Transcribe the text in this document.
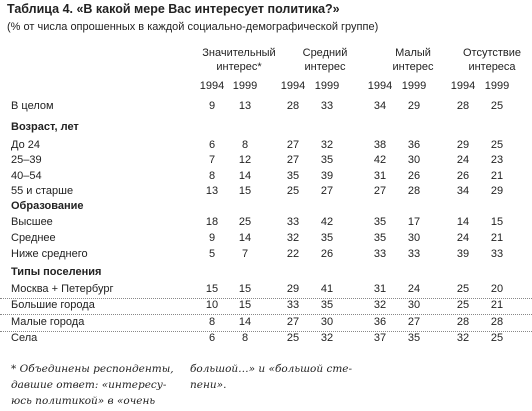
Таблица 4. «В какой мере Вас интересует политика?»
(% от числа опрошенных в каждой социально-демографической группе)
Значительный
интерес*
Средний
интерес
Малый
интерес
Отсутствие
интереса
1994 1999 1994 1999	1994 1999 1994 1999
В целом	9	13	28	33	34	29	28	25
Возраст, лет
До 24	6	8	27	32	38	36	29	25
25–39	7	12	27	35	42	30	24	23
40–54	8	14	35	39	31	26	26	21
55 и старше	13	15	25	27	27	28	34	29
Образование
Высшее	18	25	33	42	35	17	14	15
Среднее	9	14	32	35	35	30	24	21
Ниже среднего	5	7	22	26	33	33	39	33
Типы поселения
Москва + Петербург	15	15	29	41	31	24	25	20
Большие города	10	15	33	35	32	30	25	21
Малые города	8	14	27	30	36	27	28	28
Села	6	8	25	32	37	35	32	25
* Объединены респонденты,
давшие ответ: «интересу-
юсь политикой» в «очень
большой…» и «большой сте-
пени».
